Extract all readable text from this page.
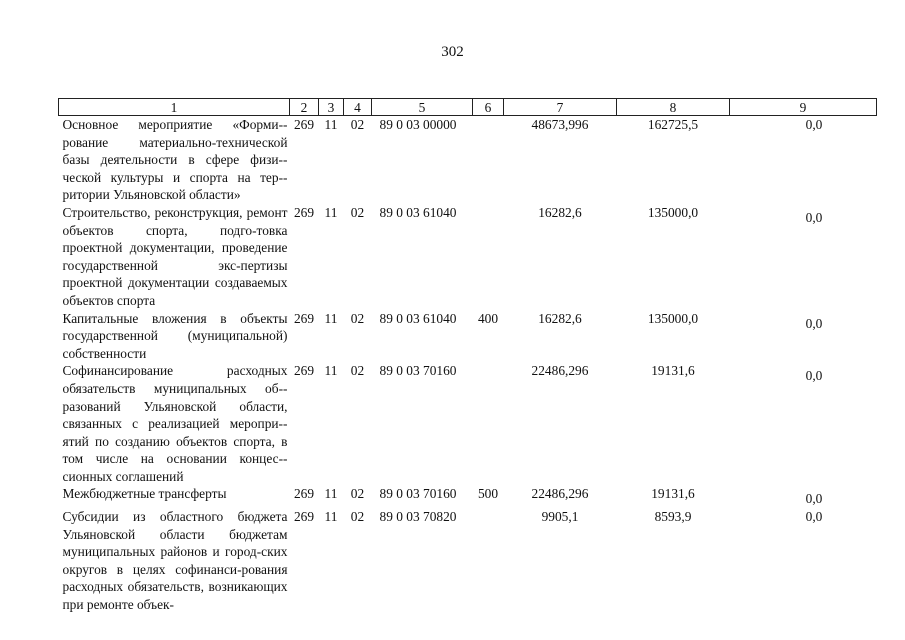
302
1	2	3	4	5	6	7	8	9
Основное мероприятие «Форми-рование материально-технической базы деятельности в сфере физи-ческой культуры и спорта на тер-ритории Ульяновской области»	269	11	02	89 0 03 00000		48673,996	162725,5	0,0
Строительство, реконструкция, ремонт объектов спорта, подго-товка проектной документации, проведение государственной экс-пертизы проектной документации создаваемых объектов спорта	269	11	02	89 0 03 61040		16282,6	135000,0	0,0
Капитальные вложения в объекты государственной (муниципальной) собственности	269	11	02	89 0 03 61040	400	16282,6	135000,0	0,0
Софинансирование расходных обязательств муниципальных об-разований Ульяновской области, связанных с реализацией меропри-ятий по созданию объектов спорта, в том числе на основании концес-сионных соглашений	269	11	02	89 0 03 70160		22486,296	19131,6	0,0
Межбюджетные трансферты	269	11	02	89 0 03 70160	500	22486,296	19131,6	0,0
Субсидии из областного бюджета Ульяновской области бюджетам муниципальных районов и город-ских округов в целях софинанси-рования расходных обязательств, возникающих при ремонте объек-	269	11	02	89 0 03 70820		9905,1	8593,9	0,0
